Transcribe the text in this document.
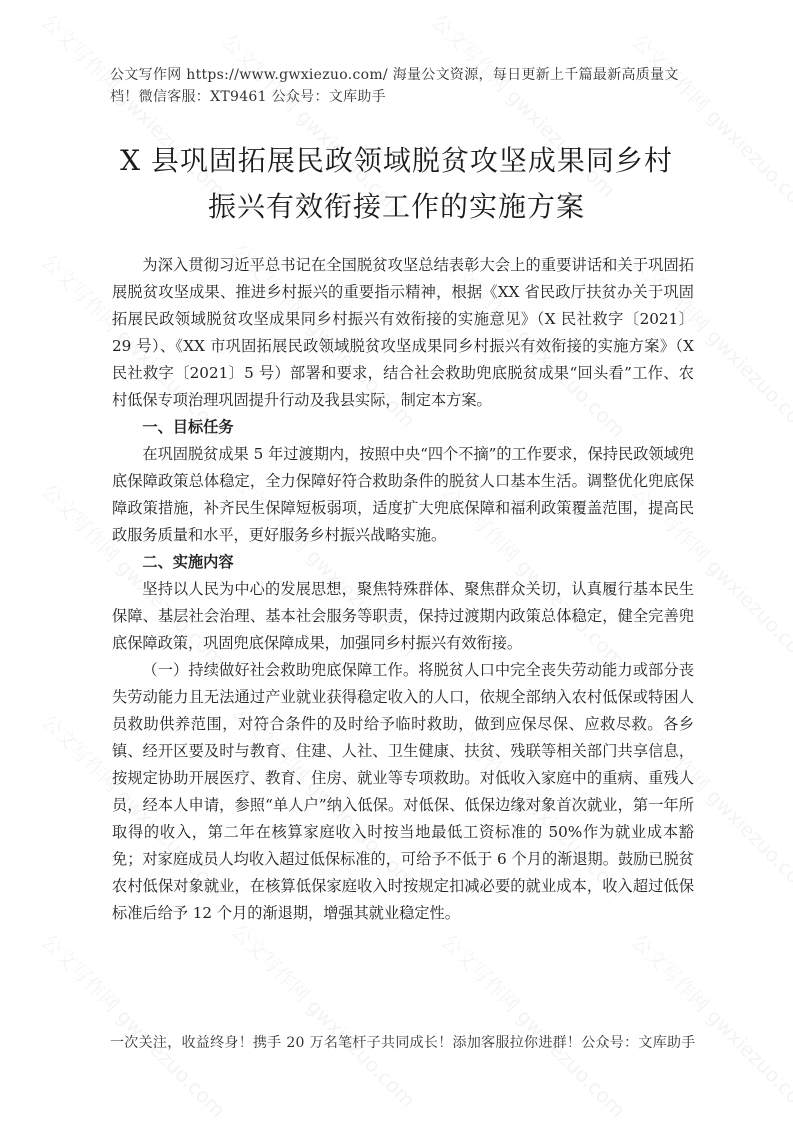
公文写作网 https://www.gwxiezuo.com/ 海量公文资源，每日更新上千篇最新高质量文档！微信客服：XT9461 公众号：文库助手
X 县巩固拓展民政领域脱贫攻坚成果同乡村
振兴有效衔接工作的实施方案

为深入贯彻习近平总书记在全国脱贫攻坚总结表彰大会上的重要讲话和关于巩固拓展脱贫攻坚成果、推进乡村振兴的重要指示精神，根据《XX 省民政厅扶贫办关于巩固拓展民政领域脱贫攻坚成果同乡村振兴有效衔接的实施意见》（X 民社救字〔2021〕29 号）、《XX 市巩固拓展民政领域脱贫攻坚成果同乡村振兴有效衔接的实施方案》（X 民社救字〔2021〕5 号）部署和要求，结合社会救助兜底脱贫成果“回头看”工作、农村低保专项治理巩固提升行动及我县实际，制定本方案。

一、目标任务

在巩固脱贫成果 5 年过渡期内，按照中央“四个不摘”的工作要求，保持民政领域兜底保障政策总体稳定，全力保障好符合救助条件的脱贫人口基本生活。调整优化兜底保障政策措施，补齐民生保障短板弱项，适度扩大兜底保障和福利政策覆盖范围，提高民政服务质量和水平，更好服务乡村振兴战略实施。

二、实施内容

坚持以人民为中心的发展思想，聚焦特殊群体、聚焦群众关切，认真履行基本民生保障、基层社会治理、基本社会服务等职责，保持过渡期内政策总体稳定，健全完善兜底保障政策，巩固兜底保障成果，加强同乡村振兴有效衔接。

（一）持续做好社会救助兜底保障工作。将脱贫人口中完全丧失劳动能力或部分丧失劳动能力且无法通过产业就业获得稳定收入的人口，依规全部纳入农村低保或特困人员救助供养范围，对符合条件的及时给予临时救助，做到应保尽保、应救尽救。各乡镇、经开区要及时与教育、住建、人社、卫生健康、扶贫、残联等相关部门共享信息，按规定协助开展医疗、教育、住房、就业等专项救助。对低收入家庭中的重病、重残人员，经本人申请，参照“单人户”纳入低保。对低保、低保边缘对象首次就业，第一年所取得的收入，第二年在核算家庭收入时按当地最低工资标准的 50%作为就业成本豁免；对家庭成员人均收入超过低保标准的，可给予不低于 6 个月的渐退期。鼓励已脱贫农村低保对象就业，在核算低保家庭收入时按规定扣减必要的就业成本，收入超过低保标准后给予 12 个月的渐退期，增强其就业稳定性。

一次关注，收益终身！携手 20 万名笔杆子共同成长！添加客服拉你进群！公众号：文库助手
